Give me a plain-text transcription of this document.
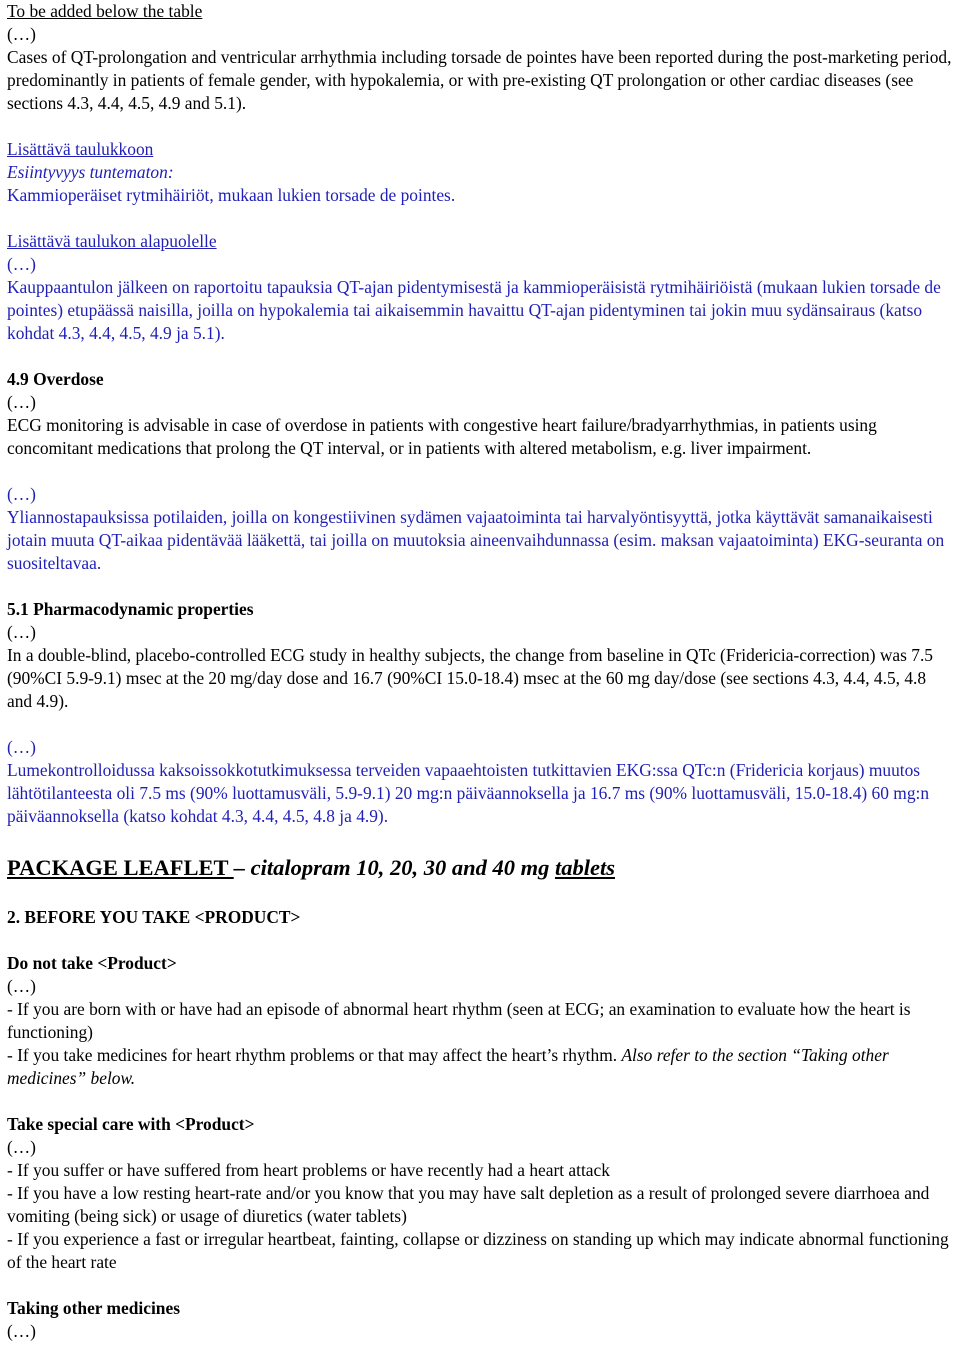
To be added below the table

(…)

Cases of QT-prolongation and ventricular arrhythmia including torsade de pointes have been reported during the post-marketing period, predominantly in patients of female gender, with hypokalemia, or with pre-existing QT prolongation or other cardiac diseases (see sections 4.3, 4.4, 4.5, 4.9 and 5.1).

Lisättävä taulukkoon

Esiintyvyys tuntematon:

Kammioperäiset rytmihäiriöt, mukaan lukien torsade de pointes.

Lisättävä taulukon alapuolelle

(…)

Kauppaantulon jälkeen on raportoitu tapauksia QT-ajan pidentymisestä ja kammioperäisistä rytmihäiriöistä (mukaan lukien torsade de pointes) etupäässä naisilla, joilla on hypokalemia tai aikaisemmin havaittu QT-ajan pidentyminen tai jokin muu sydänsairaus (katso kohdat 4.3, 4.4, 4.5, 4.9 ja 5.1).

4.9 Overdose

(…)

ECG monitoring is advisable in case of overdose in patients with congestive heart failure/bradyarrhythmias, in patients using concomitant medications that prolong the QT interval, or in patients with altered metabolism, e.g. liver impairment.

(…)

Yliannostapauksissa potilaiden, joilla on kongestiivinen sydämen vajaatoiminta tai harvalyöntisyyttä, jotka käyttävät samanaikaisesti jotain muuta QT-aikaa pidentävää lääkettä, tai joilla on muutoksia aineenvaihdunnassa (esim. maksan vajaatoiminta) EKG-seuranta on suositeltavaa.

5.1 Pharmacodynamic properties

(…)

In a double-blind, placebo-controlled ECG study in healthy subjects, the change from baseline in QTc (Fridericia-correction) was 7.5 (90%CI 5.9-9.1) msec at the 20 mg/day dose and 16.7 (90%CI 15.0-18.4) msec at the 60 mg day/dose (see sections 4.3, 4.4, 4.5, 4.8 and 4.9).

(…)

Lumekontrolloidussa kaksoissokkotutkimuksessa terveiden vapaaehtoisten tutkittavien EKG:ssa QTc:n (Fridericia korjaus) muutos lähtötilanteesta oli 7.5 ms (90% luottamusväli, 5.9-9.1) 20 mg:n päiväannoksella ja 16.7 ms (90% luottamusväli, 15.0-18.4) 60 mg:n päiväannoksella (katso kohdat 4.3, 4.4, 4.5, 4.8 ja 4.9).

PACKAGE LEAFLET – citalopram 10, 20, 30 and 40 mg tablets

2. BEFORE YOU TAKE <PRODUCT>

Do not take <Product>

(…)

- If you are born with or have had an episode of abnormal heart rhythm (seen at ECG; an examination to evaluate how the heart is functioning)

- If you take medicines for heart rhythm problems or that may affect the heart’s rhythm. Also refer to the section “Taking other medicines” below.

Take special care with <Product>

(…)

- If you suffer or have suffered from heart problems or have recently had a heart attack

- If you have a low resting heart-rate and/or you know that you may have salt depletion as a result of prolonged severe diarrhoea and vomiting (being sick) or usage of diuretics (water tablets)

- If you experience a fast or irregular heartbeat, fainting, collapse or dizziness on standing up which may indicate abnormal functioning of the heart rate

Taking other medicines

(…)
